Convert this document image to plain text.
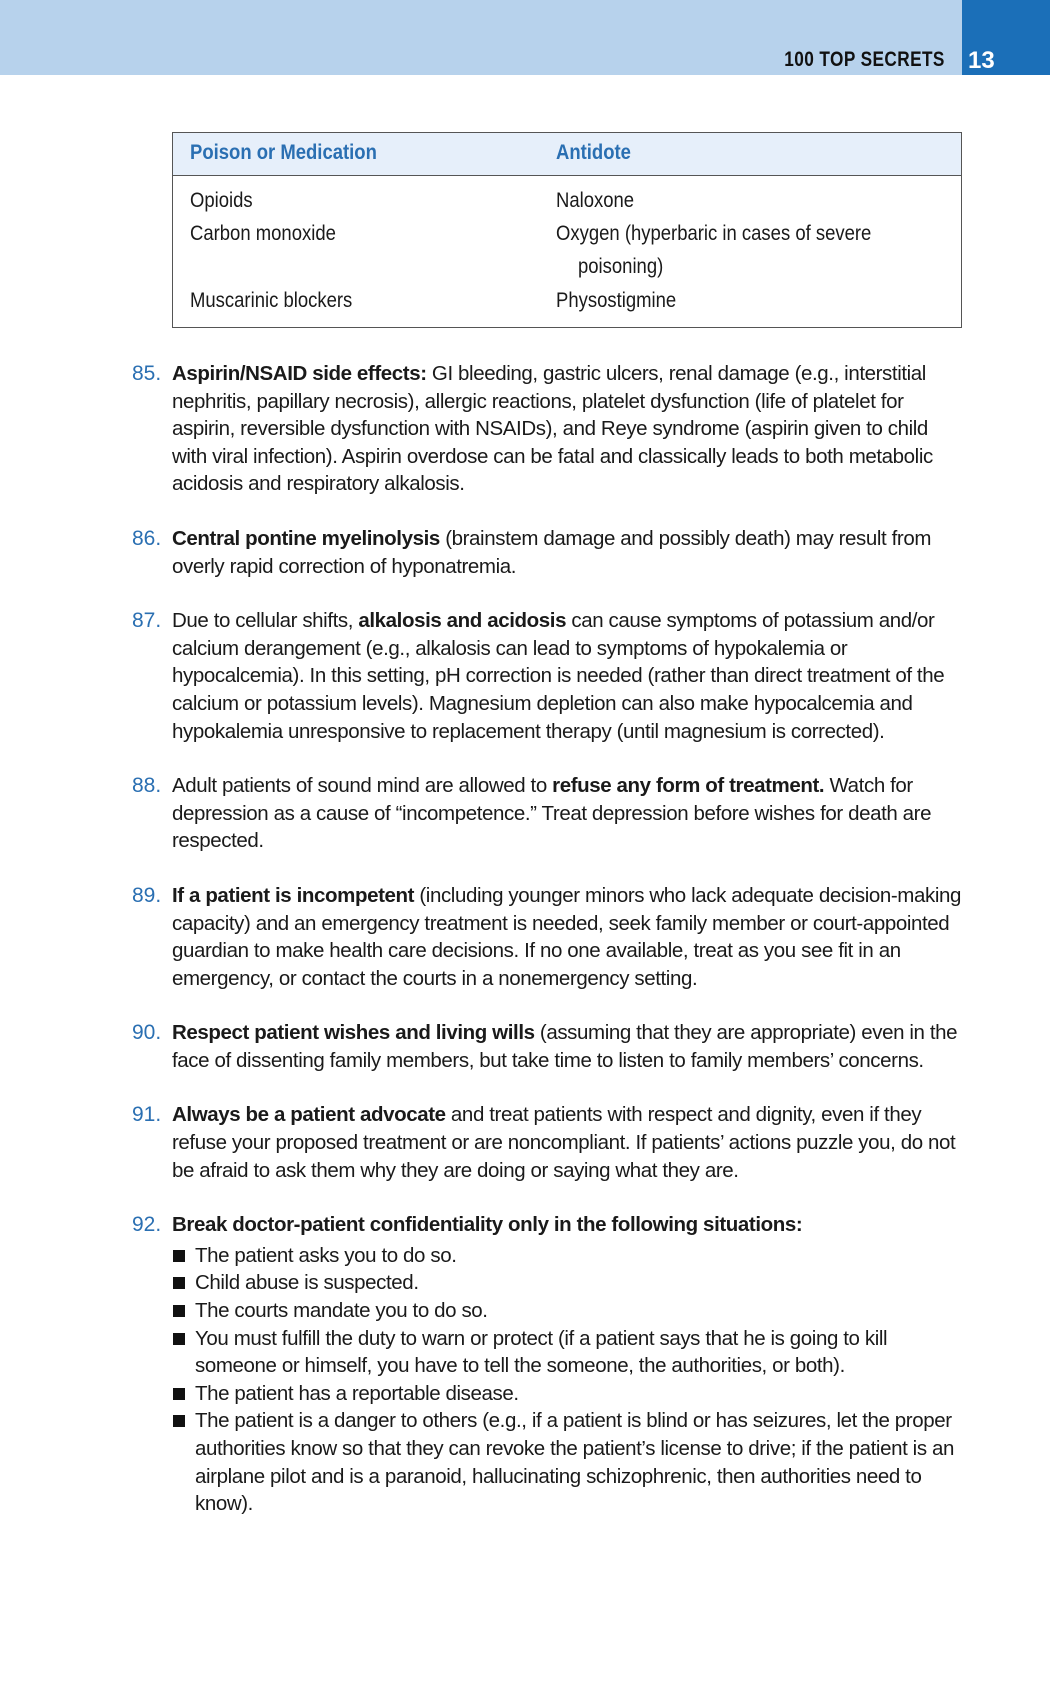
100 TOP SECRETS 13
Poison or Medication	Antidote
Opioids	Naloxone
Carbon monoxide	Oxygen (hyperbaric in cases of severe
poisoning)
Muscarinic blockers	Physostigmine
85. Aspirin/NSAID side effects: GI bleeding, gastric ulcers, renal damage (e.g., interstitial nephritis, papillary necrosis), allergic reactions, platelet dysfunction (life of platelet for aspirin, reversible dysfunction with NSAIDs), and Reye syndrome (aspirin given to child with viral infection). Aspirin overdose can be fatal and classically leads to both metabolic acidosis and respiratory alkalosis.
86. Central pontine myelinolysis (brainstem damage and possibly death) may result from overly rapid correction of hyponatremia.
87. Due to cellular shifts, alkalosis and acidosis can cause symptoms of potassium and/or calcium derangement (e.g., alkalosis can lead to symptoms of hypokalemia or hypocalcemia). In this setting, pH correction is needed (rather than direct treatment of the calcium or potassium levels). Magnesium depletion can also make hypocalcemia and hypokalemia unresponsive to replacement therapy (until magnesium is corrected).
88. Adult patients of sound mind are allowed to refuse any form of treatment. Watch for depression as a cause of “incompetence.” Treat depression before wishes for death are respected.
89. If a patient is incompetent (including younger minors who lack adequate decision-making capacity) and an emergency treatment is needed, seek family member or court-appointed guardian to make health care decisions. If no one available, treat as you see fit in an emergency, or contact the courts in a nonemergency setting.
90. Respect patient wishes and living wills (assuming that they are appropriate) even in the face of dissenting family members, but take time to listen to family members’ concerns.
91. Always be a patient advocate and treat patients with respect and dignity, even if they refuse your proposed treatment or are noncompliant. If patients’ actions puzzle you, do not be afraid to ask them why they are doing or saying what they are.
92. Break doctor-patient confidentiality only in the following situations:
The patient asks you to do so.
Child abuse is suspected.
The courts mandate you to do so.
You must fulfill the duty to warn or protect (if a patient says that he is going to kill someone or himself, you have to tell the someone, the authorities, or both).
The patient has a reportable disease.
The patient is a danger to others (e.g., if a patient is blind or has seizures, let the proper authorities know so that they can revoke the patient’s license to drive; if the patient is an airplane pilot and is a paranoid, hallucinating schizophrenic, then authorities need to know).
